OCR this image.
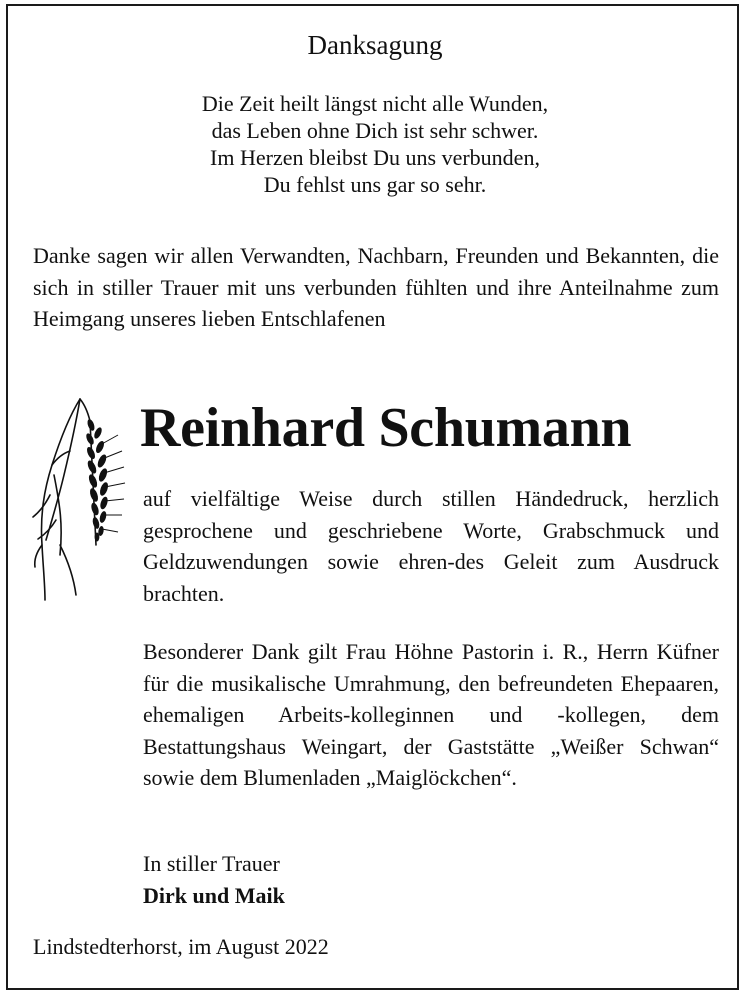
Danksagung
Die Zeit heilt längst nicht alle Wunden,
das Leben ohne Dich ist sehr schwer.
Im Herzen bleibst Du uns verbunden,
Du fehlst uns gar so sehr.
Danke sagen wir allen Verwandten, Nachbarn, Freunden und Bekannten, die sich in stiller Trauer mit uns verbunden fühlten und ihre Anteilnahme zum Heimgang unseres lieben Entschlafenen
Reinhard Schumann
auf vielfältige Weise durch stillen Händedruck, herzlich gesprochene und geschriebene Worte, Grabschmuck und Geldzuwendungen sowie ehren-des Geleit zum Ausdruck brachten.
Besonderer Dank gilt Frau Höhne Pastorin i. R., Herrn Küfner für die musikalische Umrahmung, den befreundeten Ehepaaren, ehemaligen Arbeits-kolleginnen und -kollegen, dem Bestattungshaus Weingart, der Gaststätte „Weißer Schwan“ sowie dem Blumenladen „Maiglöckchen“.
In stiller Trauer
Dirk und Maik
Lindstedterhorst, im August 2022
